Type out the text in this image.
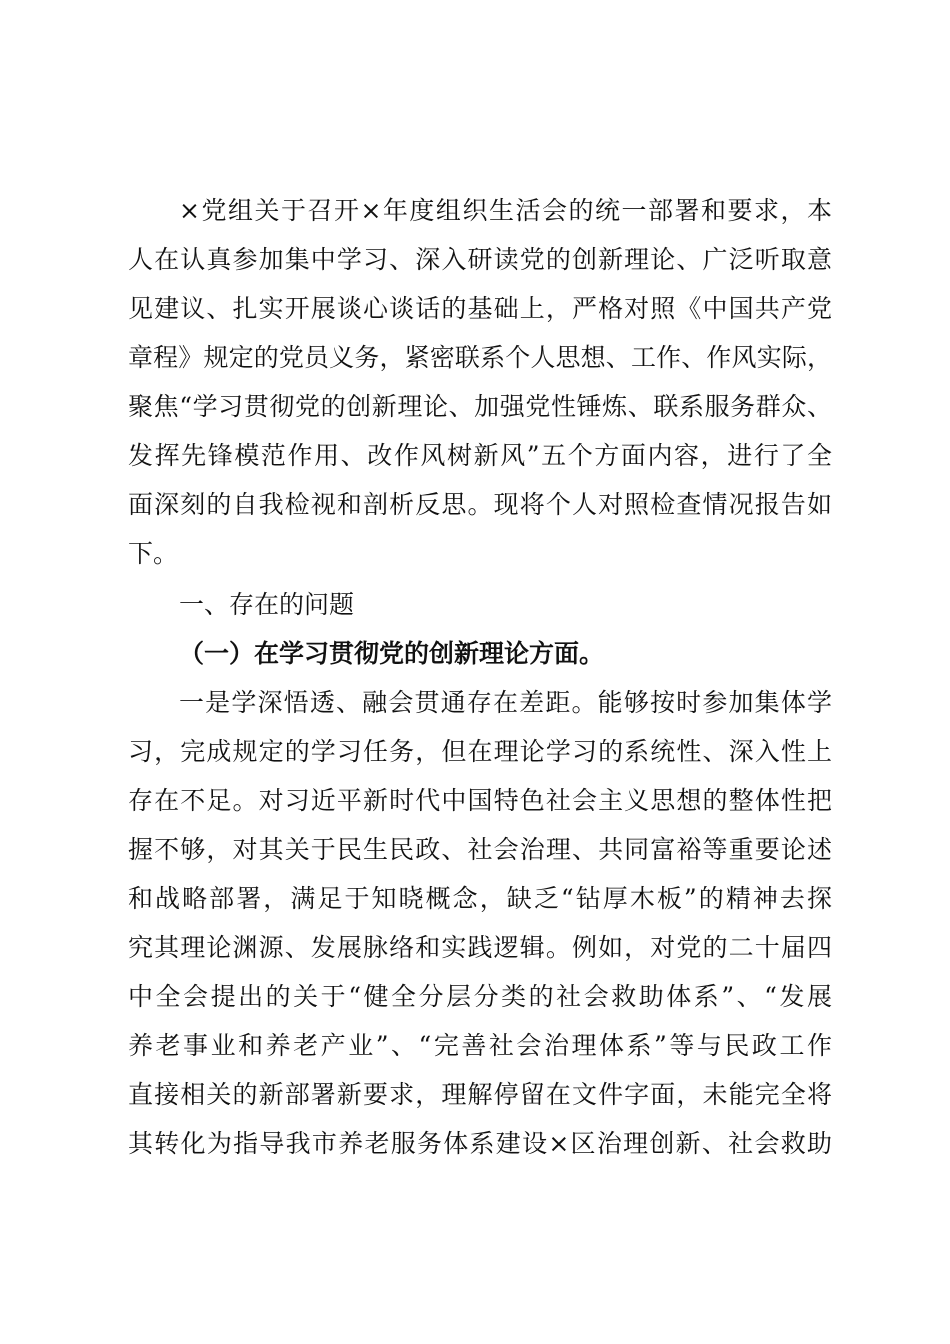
×党组关于召开×年度组织生活会的统一部署和要求，本
人在认真参加集中学习、深入研读党的创新理论、广泛听取意
见建议、扎实开展谈心谈话的基础上，严格对照《中国共产党
章程》规定的党员义务，紧密联系个人思想、工作、作风实际，
聚焦“学习贯彻党的创新理论、加强党性锤炼、联系服务群众、
发挥先锋模范作用、改作风树新风”五个方面内容，进行了全
面深刻的自我检视和剖析反思。现将个人对照检查情况报告如
下。
一、存在的问题
（一）在学习贯彻党的创新理论方面。
一是学深悟透、融会贯通存在差距。能够按时参加集体学
习，完成规定的学习任务，但在理论学习的系统性、深入性上
存在不足。对习近平新时代中国特色社会主义思想的整体性把
握不够，对其关于民生民政、社会治理、共同富裕等重要论述
和战略部署，满足于知晓概念，缺乏“钻厚木板”的精神去探
究其理论渊源、发展脉络和实践逻辑。例如，对党的二十届四
中全会提出的关于“健全分层分类的社会救助体系”、“发展
养老事业和养老产业”、“完善社会治理体系”等与民政工作
直接相关的新部署新要求，理解停留在文件字面，未能完全将
其转化为指导我市养老服务体系建设×区治理创新、社会救助
